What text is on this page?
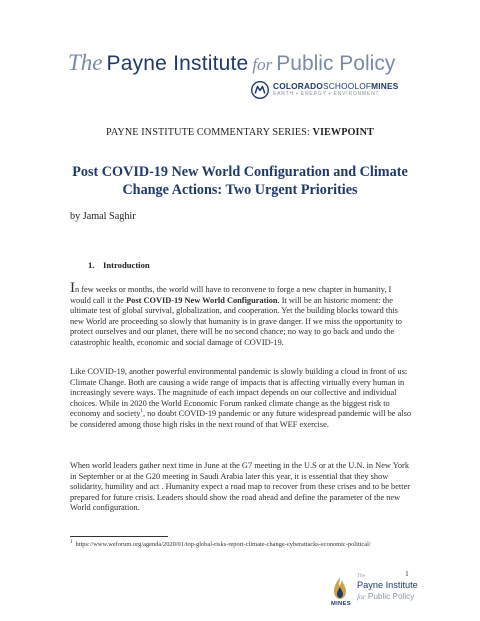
The Payne Institute for Public Policy
COLORADOSCHOOLOFMINES
EARTH ▪ ENERGY ▪ ENVIRONMENT
PAYNE INSTITUTE COMMENTARY SERIES: VIEWPOINT
Post COVID-19 New World Configuration and Climate Change Actions: Two Urgent Priorities
by Jamal Saghir
1. Introduction
In few weeks or months, the world will have to reconvene to forge a new chapter in humanity, I would call it the Post COVID-19 New World Configuration. It will be an historic moment: the ultimate test of global survival, globalization, and cooperation. Yet the building blocks toward this new World are proceeding so slowly that humanity is in grave danger. If we miss the opportunity to protect ourselves and our planet, there will be no second chance; no way to go back and undo the catastrophic health, economic and social damage of COVID-19.
Like COVID-19, another powerful environmental pandemic is slowly building a cloud in front of us: Climate Change. Both are causing a wide range of impacts that is affecting virtually every human in increasingly severe ways. The magnitude of each impact depends on our collective and individual choices. While in 2020 the World Economic Forum ranked climate change as the biggest risk to economy and society$^1$, no doubt COVID-19 pandemic or any future widespread pandemic will be also be considered among those high risks in the next round of that WEF exercise.
When world leaders gather next time in June at the G7 meeting in the U.S or at the U.N. in New York in September or at the G20 meeting in Saudi Arabia later this year, it is essential that they show solidarity, humility and act . Humanity expect a road map to recover from these crises and to be better prepared for future crisis. Leaders should show the road ahead and define the parameter of the new World configuration.
$^1$ https://www.weforum.org/agenda/2020/01/top-global-risks-report-climate-change-cyberattacks-economic-political/
1
MINES
The
Payne Institute
for Public Policy
